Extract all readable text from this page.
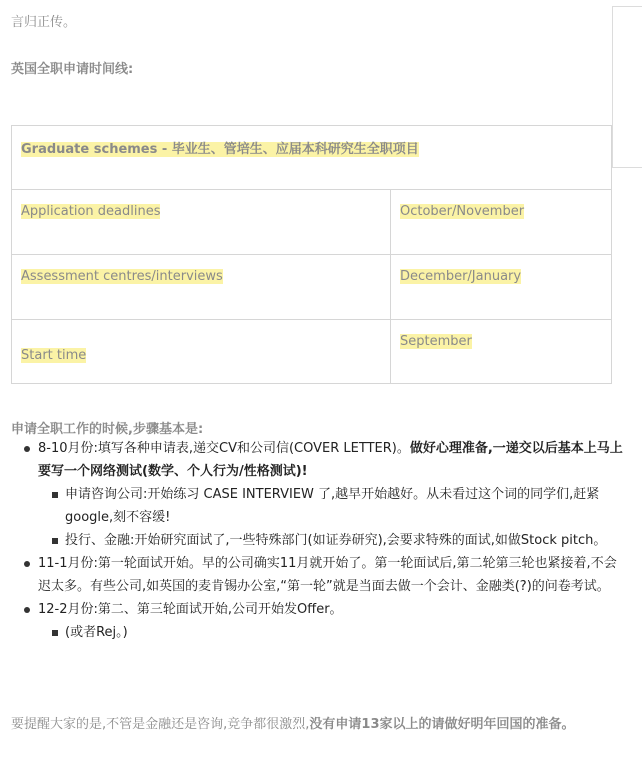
言归正传。
英国全职申请时间线:
Graduate schemes - 毕业生、管培生、应届本科研究生全职项目	
Application deadlines	October/November
Assessment centres/interviews	December/January
Start time	September
申请全职工作的时候,步骤基本是:
8-10月份:填写各种申请表,递交CV和公司信(COVER LETTER)。做好心理准备,一递交以后基本上马上要写一个网络测试(数学、个人行为/性格测试)!
申请咨询公司:开始练习 CASE INTERVIEW 了,越早开始越好。从未看过这个词的同学们,赶紧google,刻不容缓!
投行、金融:开始研究面试了,一些特殊部门(如证券研究),会要求特殊的面试,如做Stock pitch。
11-1月份:第一轮面试开始。早的公司确实11月就开始了。第一轮面试后,第二轮第三轮也紧接着,不会迟太多。有些公司,如英国的麦肯锡办公室,“第一轮”就是当面去做一个会计、金融类(?)的问卷考试。
12-2月份:第二、第三轮面试开始,公司开始发Offer。
(或者Rej。)
要提醒大家的是,不管是金融还是咨询,竞争都很激烈,没有申请13家以上的请做好明年回国的准备。
